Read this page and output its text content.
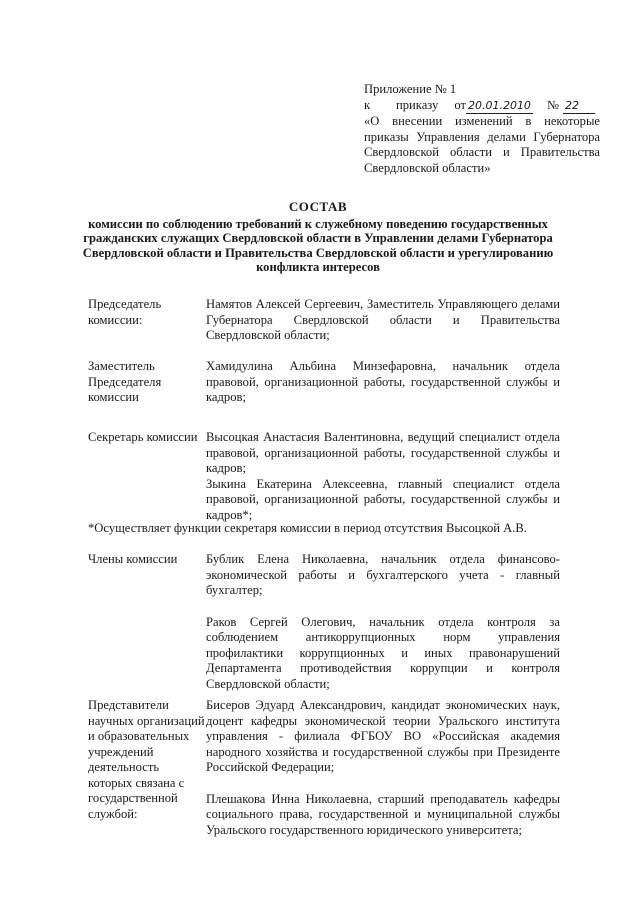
Приложение № 1
к	приказу от 20.01.2010 № 22
«О внесении изменений в некоторые приказы Управления делами Губернатора Свердловской области и Правительства Свердловской области»
СОСТАВ
комиссии по соблюдению требований к служебному поведению государственных гражданских служащих Свердловской области в Управлении делами Губернатора Свердловской области и Правительства Свердловской области и урегулированию конфликта интересов
Председатель комиссии:
Намятов Алексей Сергеевич, Заместитель Управляющего делами Губернатора Свердловской области и Правительства Свердловской области;
Заместитель Председателя комиссии
Хамидулина Альбина Минзефаровна, начальник отдела правовой, организационной работы, государственной службы и кадров;
Секретарь комиссии Высоцкая Анастасия Валентиновна, ведущий специалист отдела правовой, организационной работы, государственной службы и кадров;

Зыкина Екатерина Алексеевна, главный специалист отдела правовой, организационной работы, государственной службы и кадров*;

*Осуществляет функции секретаря комиссии в период отсутствия Высоцкой А.В.
Члены комиссии	Бублик Елена Николаевна, начальник отдела финансово-экономической работы и бухгалтерского учета - главный бухгалтер;

Раков Сергей Олегович, начальник отдела контроля за соблюдением антикоррупционных норм управления профилактики коррупционных и иных правонарушений Департамента противодействия коррупции и контроля Свердловской области;

Представители научных организаций и образовательных учреждений деятельность которых связана с государственной службой:

Бисеров Эдуард Александрович, кандидат экономических наук, доцент кафедры экономической теории Уральского института управления - филиала ФГБОУ ВО «Российская академия народного хозяйства и государственной службы при Президенте Российской Федерации;

Плешакова Инна Николаевна, старший преподаватель кафедры социального права, государственной и муниципальной службы Уральского государственного юридического университета;
